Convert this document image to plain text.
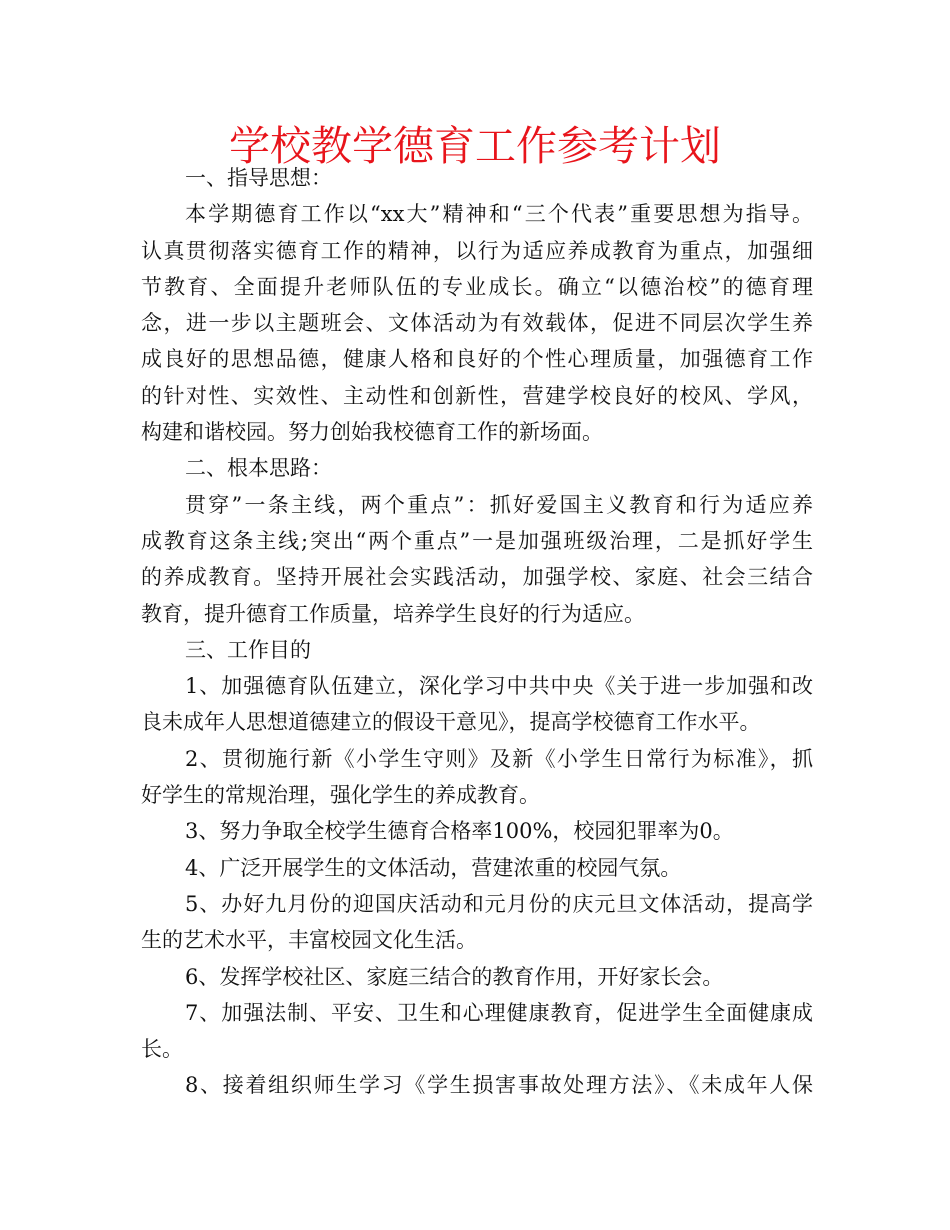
学校教学德育工作参考计划
一、指导思想：
本学期德育工作以“xx大”精神和“三个代表”重要思想为指导。
认真贯彻落实德育工作的精神，以行为适应养成教育为重点，加强细
节教育、全面提升老师队伍的专业成长。确立“以德治校”的德育理
念，进一步以主题班会、文体活动为有效载体，促进不同层次学生养
成良好的思想品德，健康人格和良好的个性心理质量，加强德育工作
的针对性、实效性、主动性和创新性，营建学校良好的校风、学风，
构建和谐校园。努力创始我校德育工作的新场面。
二、根本思路：
贯穿”一条主线，两个重点”：抓好爱国主义教育和行为适应养
成教育这条主线;突出“两个重点”一是加强班级治理，二是抓好学生
的养成教育。坚持开展社会实践活动，加强学校、家庭、社会三结合
教育，提升德育工作质量，培养学生良好的行为适应。
三、工作目的
1、加强德育队伍建立，深化学习中共中央《关于进一步加强和改
良未成年人思想道德建立的假设干意见》，提高学校德育工作水平。
2、贯彻施行新《小学生守则》及新《小学生日常行为标准》，抓
好学生的常规治理，强化学生的养成教育。
3、努力争取全校学生德育合格率100%，校园犯罪率为0。
4、广泛开展学生的文体活动，营建浓重的校园气氛。
5、办好九月份的迎国庆活动和元月份的庆元旦文体活动，提高学
生的艺术水平，丰富校园文化生活。
6、发挥学校社区、家庭三结合的教育作用，开好家长会。
7、加强法制、平安、卫生和心理健康教育，促进学生全面健康成
长。
8、接着组织师生学习《学生损害事故处理方法》、《未成年人保
